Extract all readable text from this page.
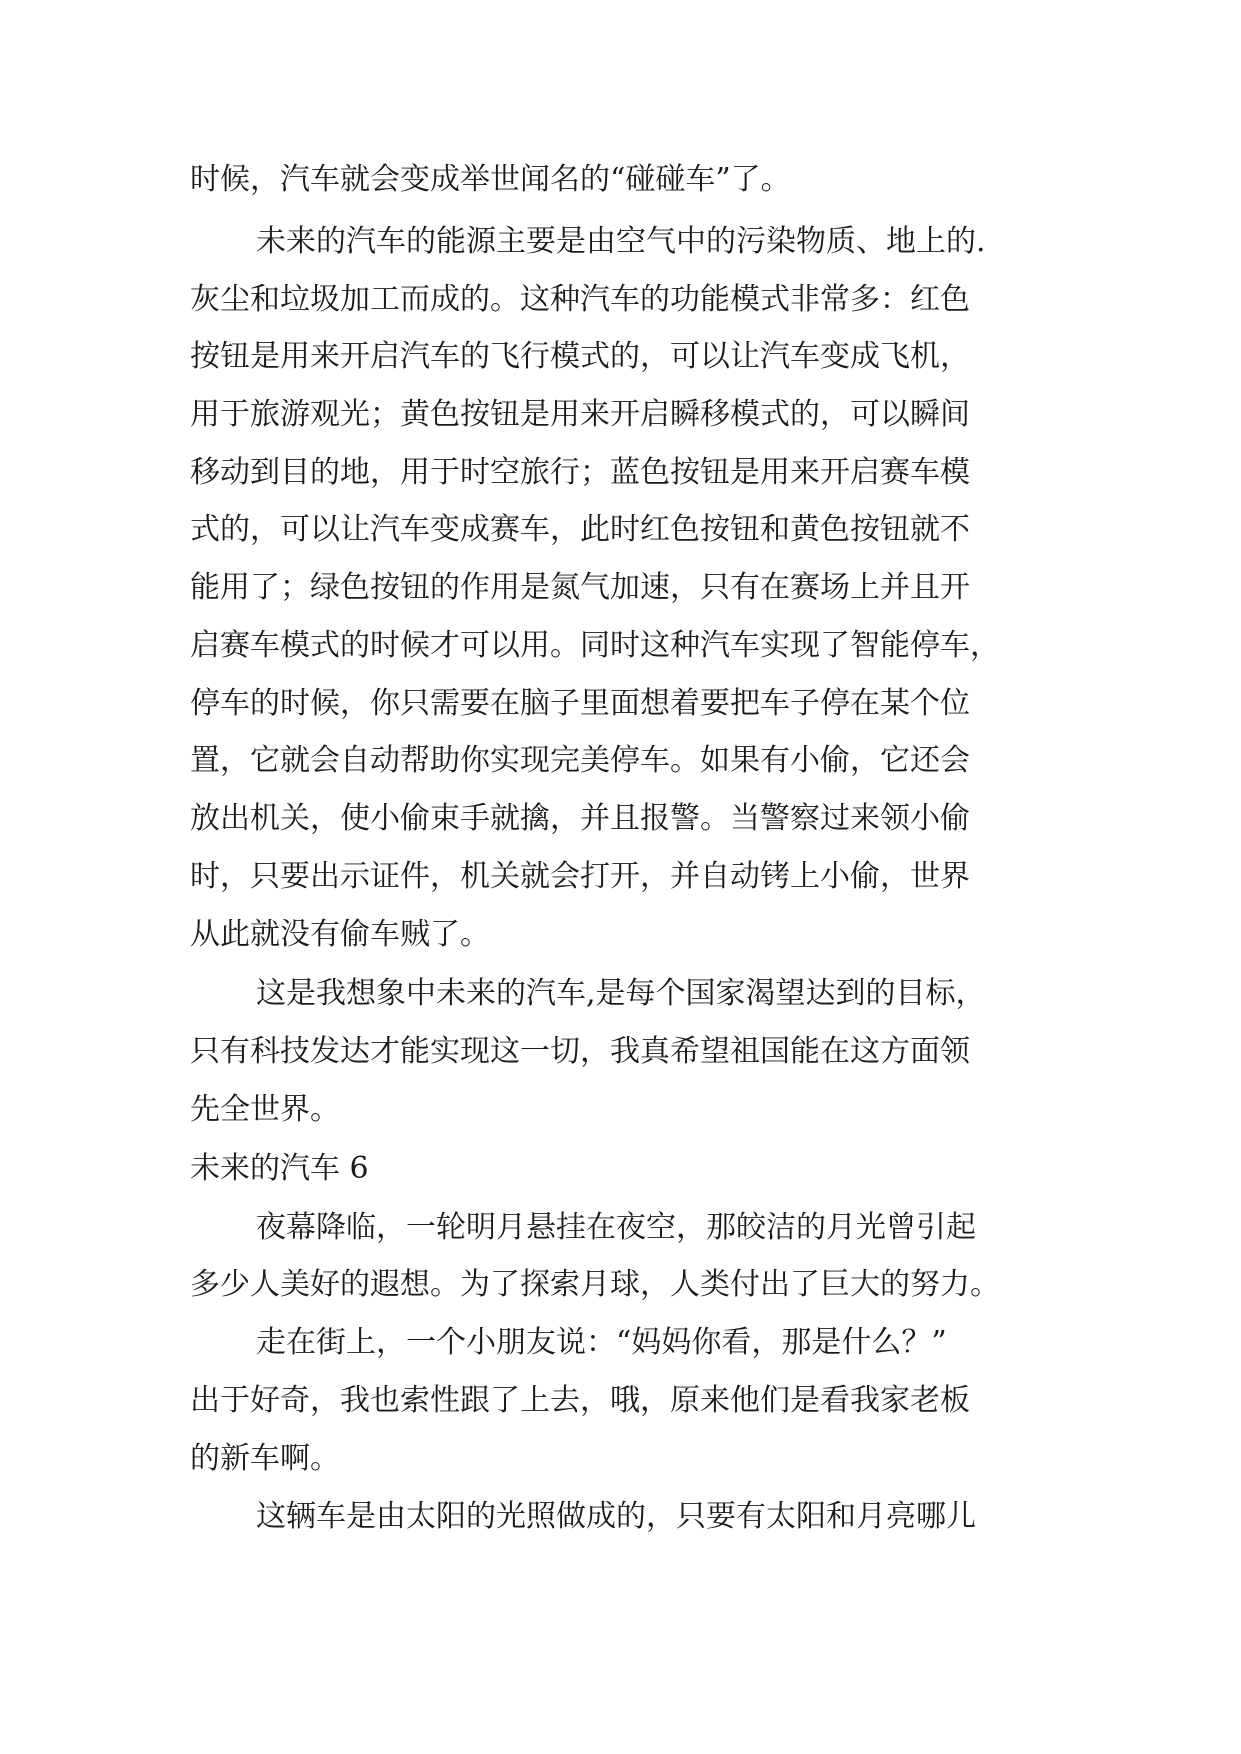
时候，汽车就会变成举世闻名的“碰碰车”了。
未来的汽车的能源主要是由空气中的污染物质、地上的.
灰尘和垃圾加工而成的。这种汽车的功能模式非常多：红色
按钮是用来开启汽车的飞行模式的，可以让汽车变成飞机，
用于旅游观光；黄色按钮是用来开启瞬移模式的，可以瞬间
移动到目的地，用于时空旅行；蓝色按钮是用来开启赛车模
式的，可以让汽车变成赛车，此时红色按钮和黄色按钮就不
能用了；绿色按钮的作用是氮气加速，只有在赛场上并且开
启赛车模式的时候才可以用。同时这种汽车实现了智能停车，
停车的时候，你只需要在脑子里面想着要把车子停在某个位
置，它就会自动帮助你实现完美停车。如果有小偷，它还会
放出机关，使小偷束手就擒，并且报警。当警察过来领小偷
时，只要出示证件，机关就会打开，并自动铐上小偷，世界
从此就没有偷车贼了。
这是我想象中未来的汽车,是每个国家渴望达到的目标，
只有科技发达才能实现这一切，我真希望祖国能在这方面领
先全世界。
未来的汽车 6
夜幕降临，一轮明月悬挂在夜空，那皎洁的月光曾引起
多少人美好的遐想。为了探索月球，人类付出了巨大的努力。
走在街上，一个小朋友说：“妈妈你看，那是什么？”
出于好奇，我也索性跟了上去，哦，原来他们是看我家老板
的新车啊。
这辆车是由太阳的光照做成的，只要有太阳和月亮哪儿
